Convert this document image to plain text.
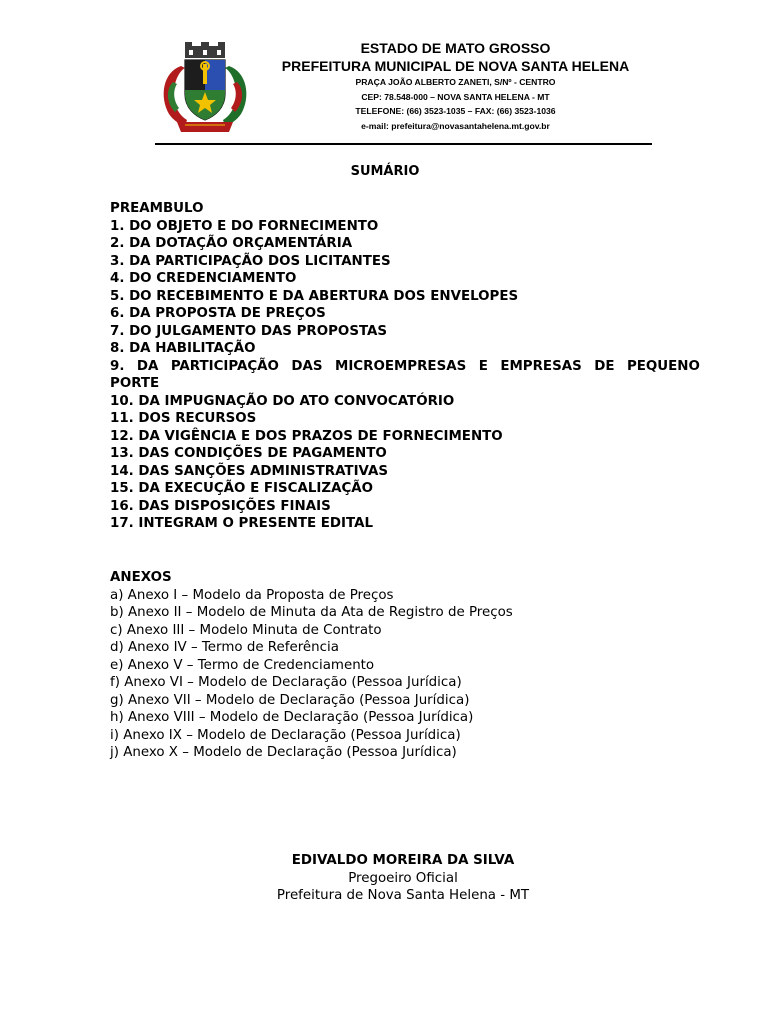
ESTADO DE MATO GROSSO
PREFEITURA MUNICIPAL DE NOVA SANTA HELENA
PRAÇA JOÃO ALBERTO ZANETI, S/Nº - CENTRO
CEP: 78.548-000 – NOVA SANTA HELENA - MT
TELEFONE: (66) 3523-1035 – FAX: (66) 3523-1036
e-mail: prefeitura@novasantahelena.mt.gov.br
SUMÁRIO
PREAMBULO
1. DO OBJETO E DO FORNECIMENTO
2. DA DOTAÇÃO ORÇAMENTÁRIA
3. DA PARTICIPAÇÃO DOS LICITANTES
4. DO CREDENCIAMENTO
5. DO RECEBIMENTO E DA ABERTURA DOS ENVELOPES
6. DA PROPOSTA DE PREÇOS
7. DO JULGAMENTO DAS PROPOSTAS
8. DA HABILITAÇÃO
9. DA PARTICIPAÇÃO DAS MICROEMPRESAS E EMPRESAS DE PEQUENO
PORTE
10. DA IMPUGNAÇÃO DO ATO CONVOCATÓRIO
11. DOS RECURSOS
12. DA VIGÊNCIA E DOS PRAZOS DE FORNECIMENTO
13. DAS CONDIÇÕES DE PAGAMENTO
14. DAS SANÇÕES ADMINISTRATIVAS
15. DA EXECUÇÃO E FISCALIZAÇÃO
16. DAS DISPOSIÇÕES FINAIS
17. INTEGRAM O PRESENTE EDITAL
ANEXOS
a) Anexo I – Modelo da Proposta de Preços
b) Anexo II – Modelo de Minuta da Ata de Registro de Preços
c) Anexo III – Modelo Minuta de Contrato
d) Anexo IV – Termo de Referência
e) Anexo V – Termo de Credenciamento
f) Anexo VI – Modelo de Declaração (Pessoa Jurídica)
g) Anexo VII – Modelo de Declaração (Pessoa Jurídica)
h) Anexo VIII – Modelo de Declaração (Pessoa Jurídica)
i) Anexo IX – Modelo de Declaração (Pessoa Jurídica)
j) Anexo X – Modelo de Declaração (Pessoa Jurídica)
EDIVALDO MOREIRA DA SILVA
Pregoeiro Oficial
Prefeitura de Nova Santa Helena - MT
